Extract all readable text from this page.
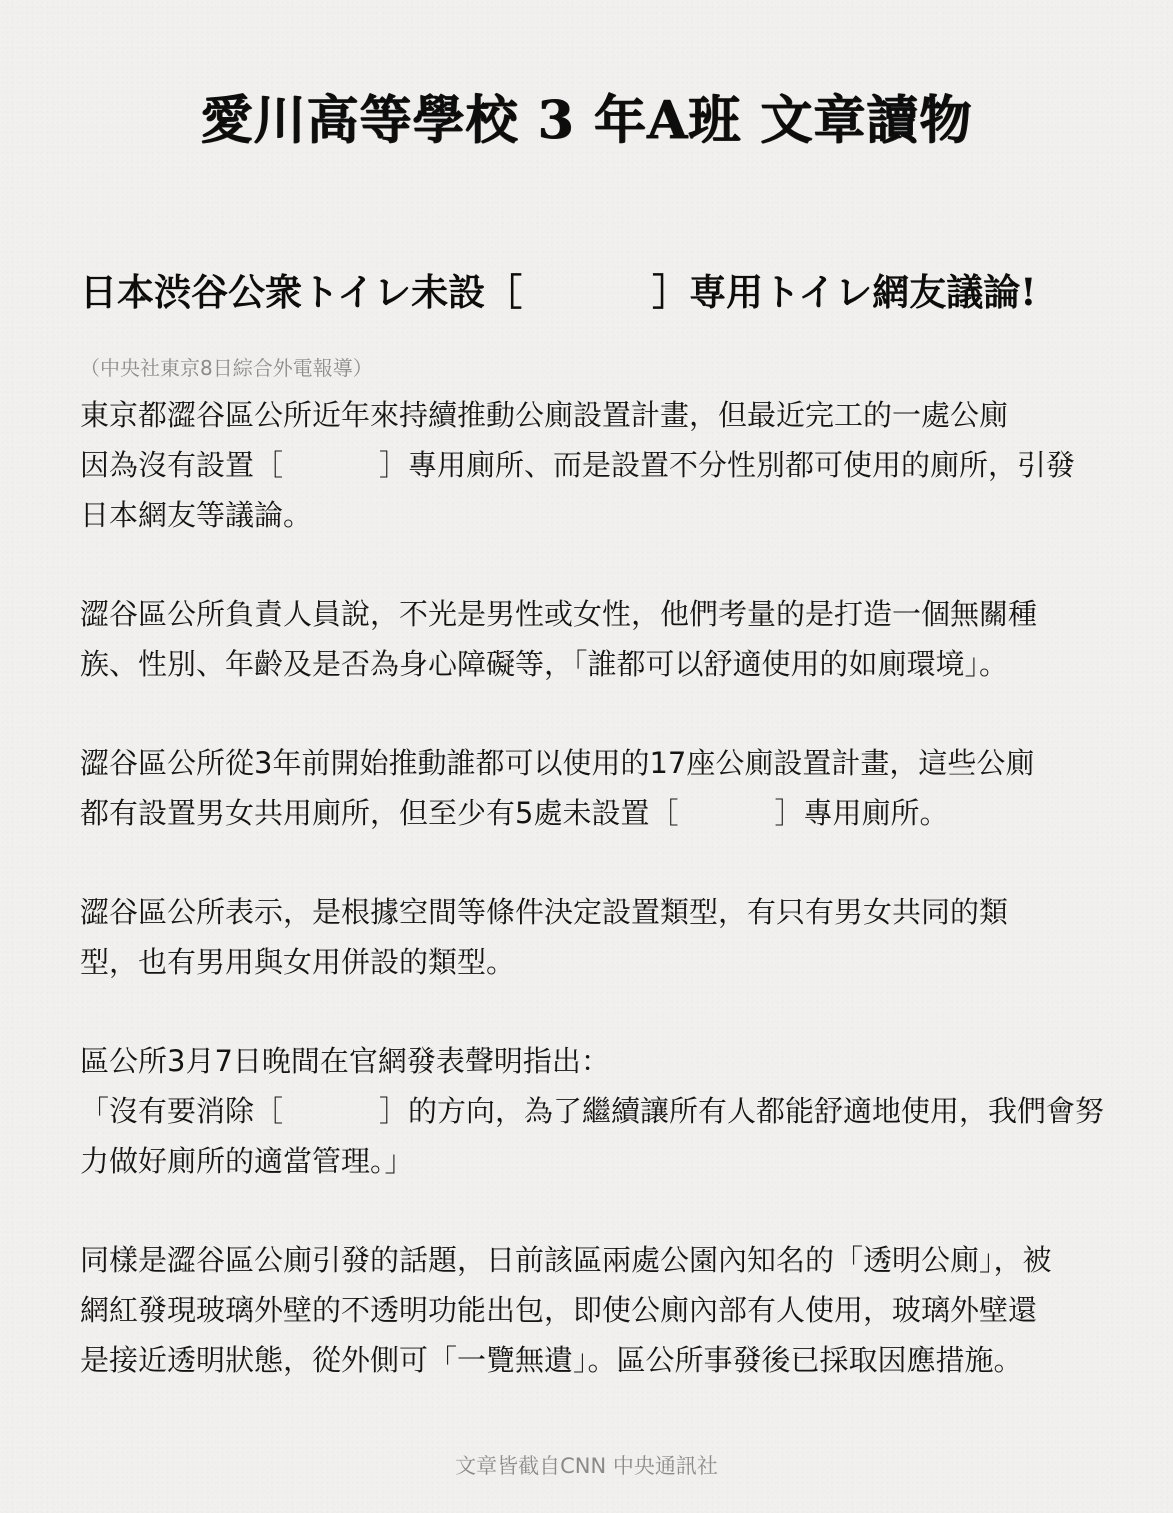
愛川高等學校 3 年A班 文章讀物
日本渋谷公衆トイレ未設［	］専用トイレ網友議論!
（中央社東京8日綜合外電報導）
東京都澀谷區公所近年來持續推動公廁設置計畫，但最近完工的一處公廁
因為沒有設置［	］專用廁所、而是設置不分性別都可使用的廁所，引發
日本網友等議論。
澀谷區公所負責人員說，不光是男性或女性，他們考量的是打造一個無關種
族、性別、年齡及是否為身心障礙等，「誰都可以舒適使用的如廁環境」。
澀谷區公所從3年前開始推動誰都可以使用的17座公廁設置計畫，這些公廁
都有設置男女共用廁所，但至少有5處未設置［	］專用廁所。
澀谷區公所表示，是根據空間等條件決定設置類型，有只有男女共同的類
型，也有男用與女用併設的類型。
區公所3月7日晚間在官網發表聲明指出：
「沒有要消除［	］的方向，為了繼續讓所有人都能舒適地使用，我們會努
力做好廁所的適當管理。」
同樣是澀谷區公廁引發的話題，日前該區兩處公園內知名的「透明公廁」，被
網紅發現玻璃外壁的不透明功能出包，即使公廁內部有人使用，玻璃外壁還
是接近透明狀態，從外側可「一覽無遺」。區公所事發後已採取因應措施。
文章皆截自CNN 中央通訊社
